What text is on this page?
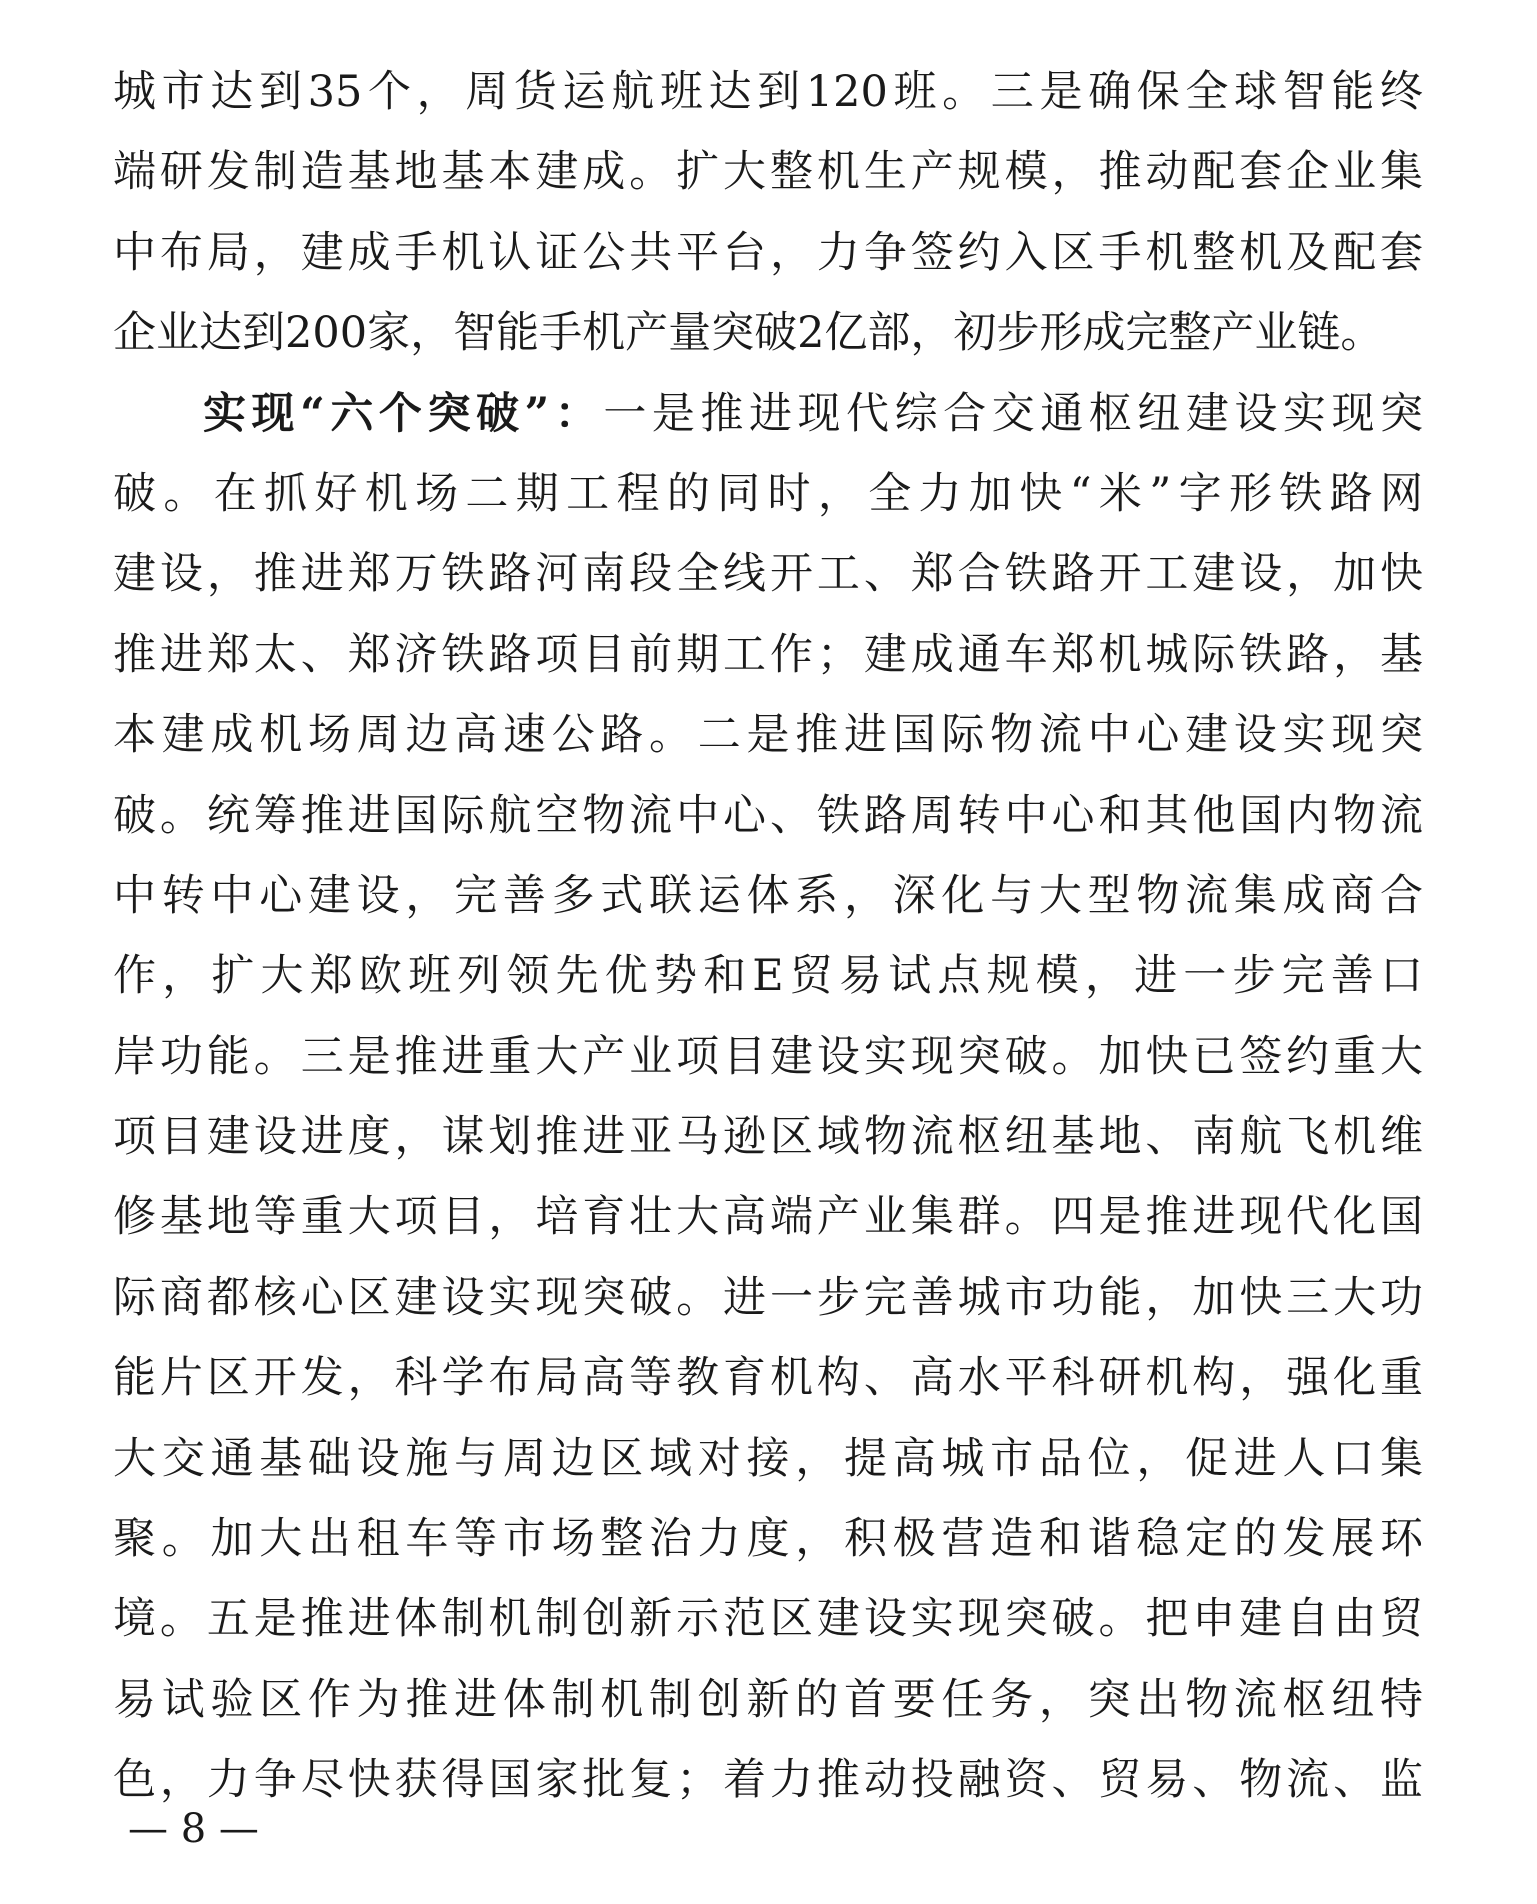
城市达到35个，周货运航班达到120班。三是确保全球智能终
端研发制造基地基本建成。扩大整机生产规模，推动配套企业集
中布局，建成手机认证公共平台，力争签约入区手机整机及配套
企业达到200家，智能手机产量突破2亿部，初步形成完整产业链。
实现“六个突破”：一是推进现代综合交通枢纽建设实现突
破。在抓好机场二期工程的同时，全力加快“米”字形铁路网
建设，推进郑万铁路河南段全线开工、郑合铁路开工建设，加快
推进郑太、郑济铁路项目前期工作；建成通车郑机城际铁路，基
本建成机场周边高速公路。二是推进国际物流中心建设实现突
破。统筹推进国际航空物流中心、铁路周转中心和其他国内物流
中转中心建设，完善多式联运体系，深化与大型物流集成商合
作，扩大郑欧班列领先优势和E贸易试点规模，进一步完善口
岸功能。三是推进重大产业项目建设实现突破。加快已签约重大
项目建设进度，谋划推进亚马逊区域物流枢纽基地、南航飞机维
修基地等重大项目，培育壮大高端产业集群。四是推进现代化国
际商都核心区建设实现突破。进一步完善城市功能，加快三大功
能片区开发，科学布局高等教育机构、高水平科研机构，强化重
大交通基础设施与周边区域对接，提高城市品位，促进人口集
聚。加大出租车等市场整治力度，积极营造和谐稳定的发展环
境。五是推进体制机制创新示范区建设实现突破。把申建自由贸
易试验区作为推进体制机制创新的首要任务，突出物流枢纽特
色，力争尽快获得国家批复；着力推动投融资、贸易、物流、监
— 8 —
